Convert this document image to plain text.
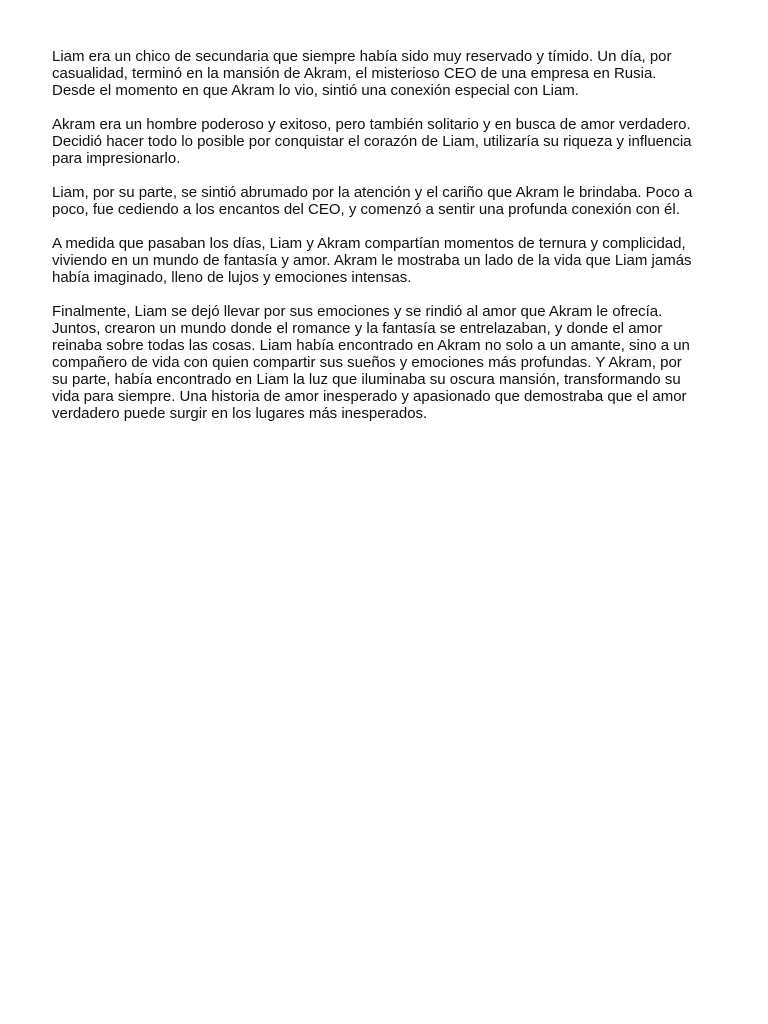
Liam era un chico de secundaria que siempre había sido muy reservado y tímido. Un día, por
casualidad, terminó en la mansión de Akram, el misterioso CEO de una empresa en Rusia.
Desde el momento en que Akram lo vio, sintió una conexión especial con Liam.

Akram era un hombre poderoso y exitoso, pero también solitario y en busca de amor verdadero.
Decidió hacer todo lo posible por conquistar el corazón de Liam, utilizaría su riqueza y influencia
para impresionarlo.

Liam, por su parte, se sintió abrumado por la atención y el cariño que Akram le brindaba. Poco a
poco, fue cediendo a los encantos del CEO, y comenzó a sentir una profunda conexión con él.

A medida que pasaban los días, Liam y Akram compartían momentos de ternura y complicidad,
viviendo en un mundo de fantasía y amor. Akram le mostraba un lado de la vida que Liam jamás
había imaginado, lleno de lujos y emociones intensas.

Finalmente, Liam se dejó llevar por sus emociones y se rindió al amor que Akram le ofrecía.
Juntos, crearon un mundo donde el romance y la fantasía se entrelazaban, y donde el amor
reinaba sobre todas las cosas. Liam había encontrado en Akram no solo a un amante, sino a un
compañero de vida con quien compartir sus sueños y emociones más profundas. Y Akram, por
su parte, había encontrado en Liam la luz que iluminaba su oscura mansión, transformando su
vida para siempre. Una historia de amor inesperado y apasionado que demostraba que el amor
verdadero puede surgir en los lugares más inesperados.
